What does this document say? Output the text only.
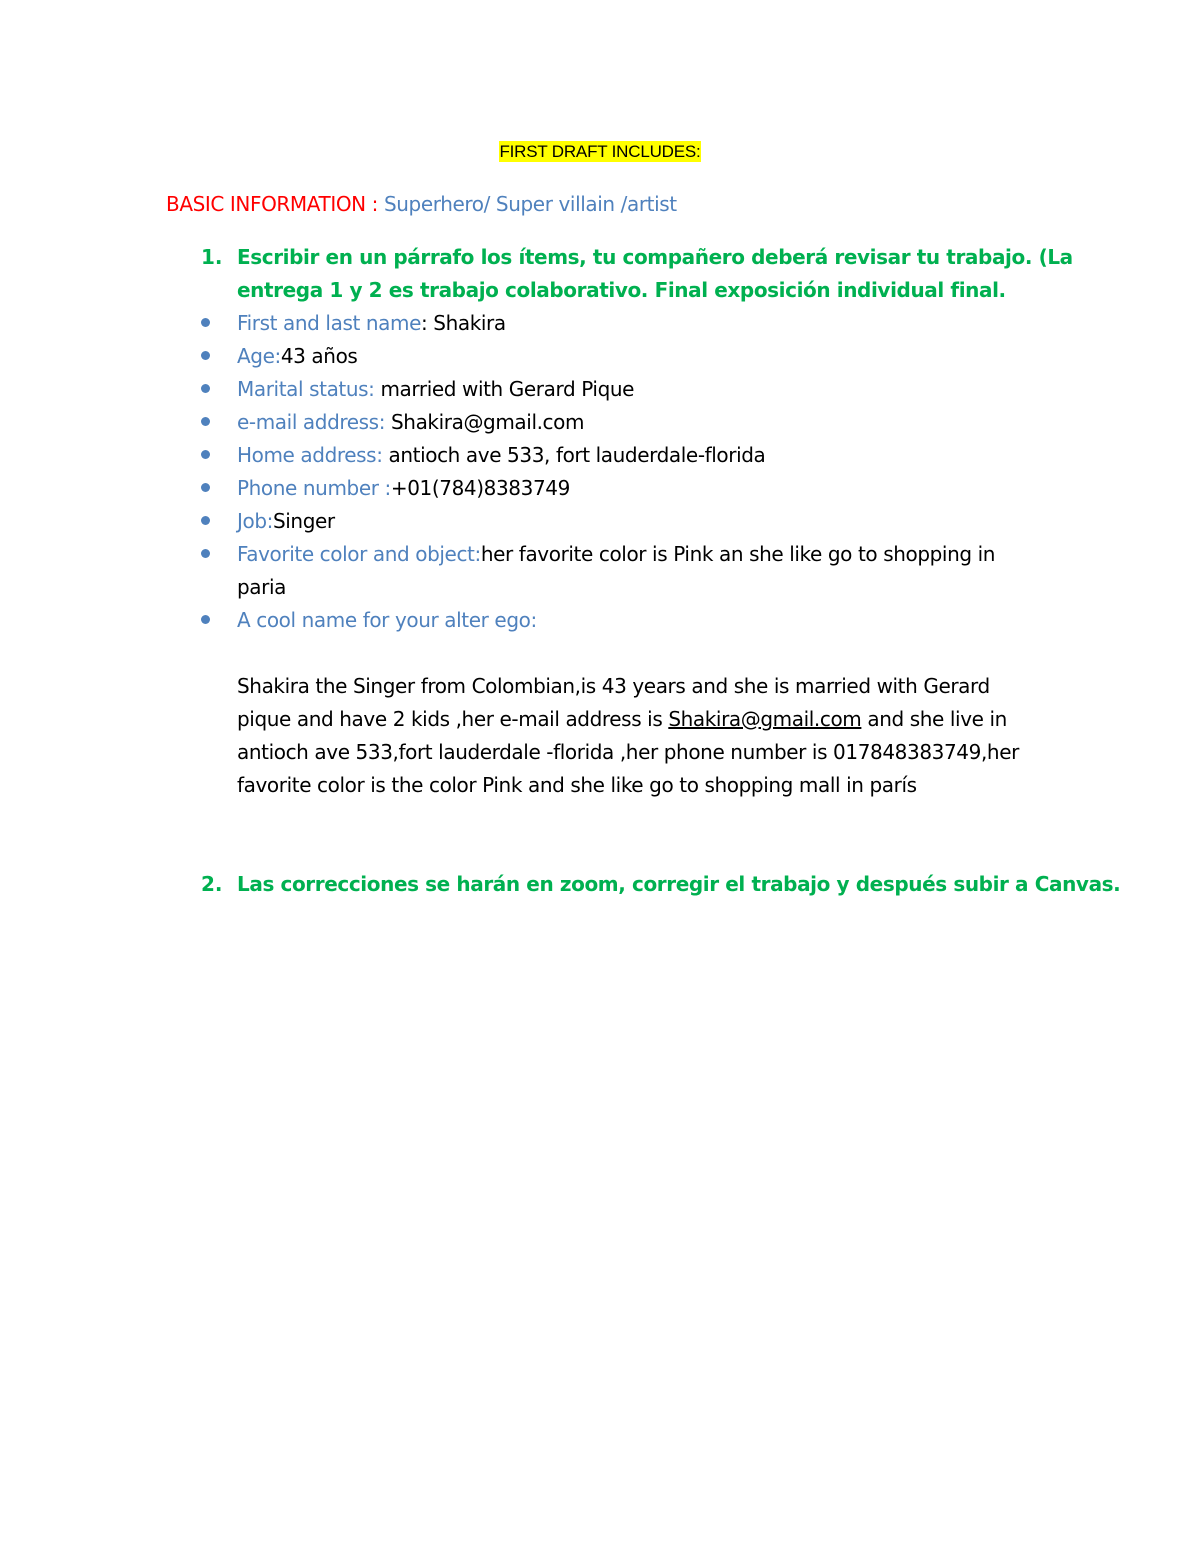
FIRST DRAFT INCLUDES:
BASIC INFORMATION : Superhero/ Super villain /artist
1. Escribir en un párrafo los ítems, tu compañero deberá revisar tu trabajo. (La
entrega 1 y 2 es trabajo colaborativo. Final exposición individual final.
First and last name: Shakira
Age:43 años
Marital status: married with Gerard Pique
e-mail address: Shakira@gmail.com
Home address: antioch ave 533, fort lauderdale-florida
Phone number :+01(784)8383749
Job:Singer
Favorite color and object:her favorite color is Pink an she like go to shopping in
paria
A cool name for your alter ego:
Shakira the Singer from Colombian,is 43 years and she is married with Gerard
pique and have 2 kids ,her e-mail address is Shakira@gmail.com and she live in
antioch ave 533,fort lauderdale -florida ,her phone number is 017848383749,her
favorite color is the color Pink and she like go to shopping mall in parís
2. Las correcciones se harán en zoom, corregir el trabajo y después subir a Canvas.
